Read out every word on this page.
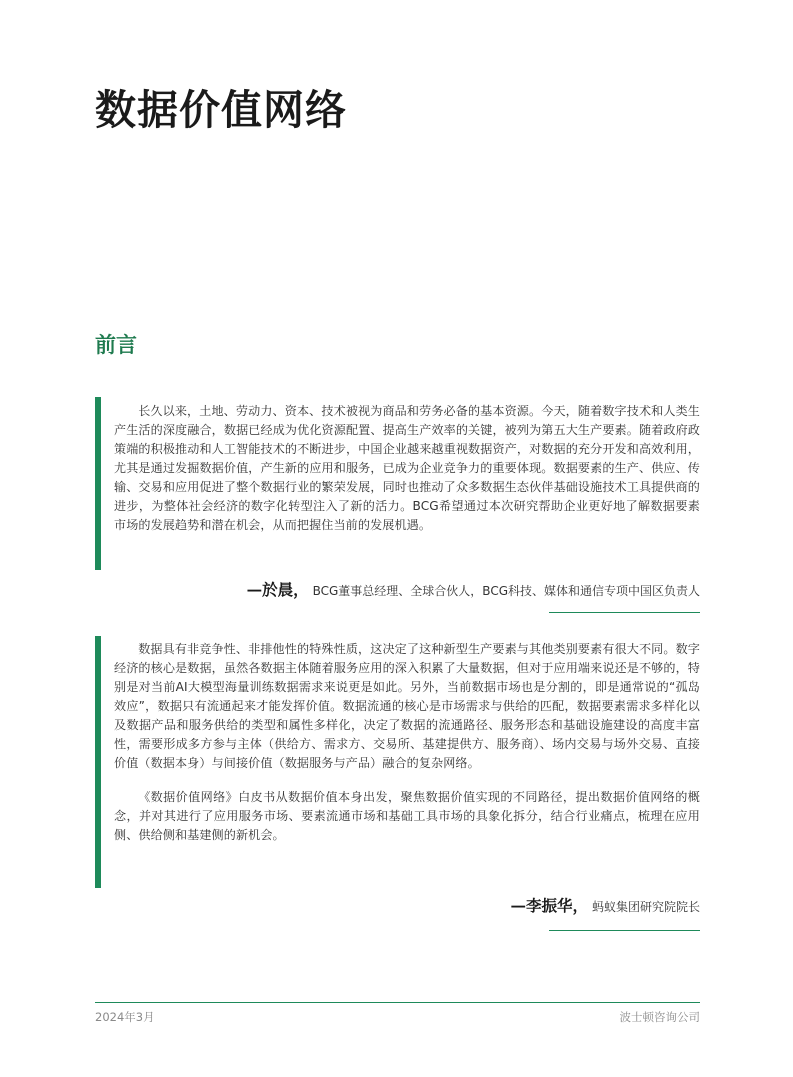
数据价值网络
前言

长久以来，土地、劳动力、资本、技术被视为商品和劳务必备的基本资源。今天，随着数字技术和人类生产生活的深度融合，数据已经成为优化资源配置、提高生产效率的关键，被列为第五大生产要素。随着政府政策端的积极推动和人工智能技术的不断进步，中国企业越来越重视数据资产，对数据的充分开发和高效利用，尤其是通过发掘数据价值，产生新的应用和服务，已成为企业竞争力的重要体现。数据要素的生产、供应、传输、交易和应用促进了整个数据行业的繁荣发展，同时也推动了众多数据生态伙伴基础设施技术工具提供商的进步，为整体社会经济的数字化转型注入了新的活力。BCG希望通过本次研究帮助企业更好地了解数据要素市场的发展趋势和潜在机会，从而把握住当前的发展机遇。

—於晨， BCG董事总经理、全球合伙人，BCG科技、媒体和通信专项中国区负责人

数据具有非竞争性、非排他性的特殊性质，这决定了这种新型生产要素与其他类别要素有很大不同。数字经济的核心是数据，虽然各数据主体随着服务应用的深入积累了大量数据，但对于应用端来说还是不够的，特别是对当前AI大模型海量训练数据需求来说更是如此。另外，当前数据市场也是分割的，即是通常说的“孤岛效应”，数据只有流通起来才能发挥价值。数据流通的核心是市场需求与供给的匹配，数据要素需求多样化以及数据产品和服务供给的类型和属性多样化，决定了数据的流通路径、服务形态和基础设施建设的高度丰富性，需要形成多方参与主体（供给方、需求方、交易所、基建提供方、服务商）、场内交易与场外交易、直接价值（数据本身）与间接价值（数据服务与产品）融合的复杂网络。

《数据价值网络》白皮书从数据价值本身出发，聚焦数据价值实现的不同路径，提出数据价值网络的概念，并对其进行了应用服务市场、要素流通市场和基础工具市场的具象化拆分，结合行业痛点，梳理在应用侧、供给侧和基建侧的新机会。

—李振华， 蚂蚁集团研究院院长
2024年3月	波士顿咨询公司
